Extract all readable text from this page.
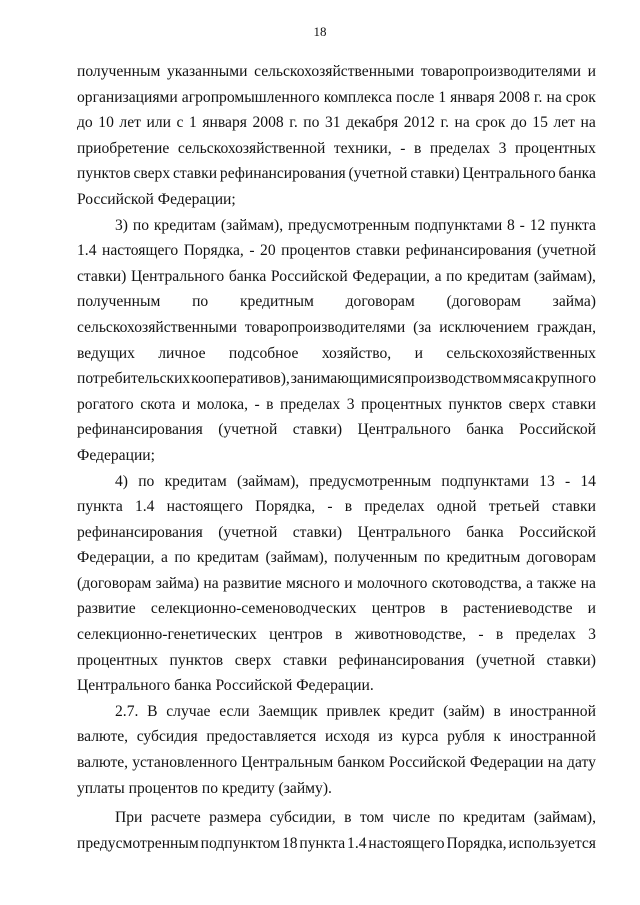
18
полученным указанными сельскохозяйственными товаропроизводителями и
организациями агропромышленного комплекса после 1 января 2008 г. на срок
до 10 лет или с 1 января 2008 г. по 31 декабря 2012 г. на срок до 15 лет на
приобретение сельскохозяйственной техники, - в пределах 3 процентных
пунктов сверх ставки рефинансирования (учетной ставки) Центрального банка
Российской Федерации;
3) по кредитам (займам), предусмотренным подпунктами 8 - 12 пункта
1.4 настоящего Порядка, - 20 процентов ставки рефинансирования (учетной
ставки) Центрального банка Российской Федерации, а по кредитам (займам),
полученным по кредитным договорам (договорам займа)
сельскохозяйственными товаропроизводителями (за исключением граждан,
ведущих личное подсобное хозяйство, и сельскохозяйственных
потребительских кооперативов), занимающимися производством мяса крупного
рогатого скота и молока, - в пределах 3 процентных пунктов сверх ставки
рефинансирования (учетной ставки) Центрального банка Российской
Федерации;
4) по кредитам (займам), предусмотренным подпунктами 13 - 14
пункта 1.4 настоящего Порядка, - в пределах одной третьей ставки
рефинансирования (учетной ставки) Центрального банка Российской
Федерации, а по кредитам (займам), полученным по кредитным договорам
(договорам займа) на развитие мясного и молочного скотоводства, а также на
развитие селекционно-семеноводческих центров в растениеводстве и
селекционно-генетических центров в животноводстве, - в пределах 3
процентных пунктов сверх ставки рефинансирования (учетной ставки)
Центрального банка Российской Федерации.
2.7. В случае если Заемщик привлек кредит (займ) в иностранной
валюте, субсидия предоставляется исходя из курса рубля к иностранной
валюте, установленного Центральным банком Российской Федерации на дату
уплаты процентов по кредиту (займу).
При расчете размера субсидии, в том числе по кредитам (займам),
предусмотренным подпунктом 18 пункта 1.4 настоящего Порядка, используется
